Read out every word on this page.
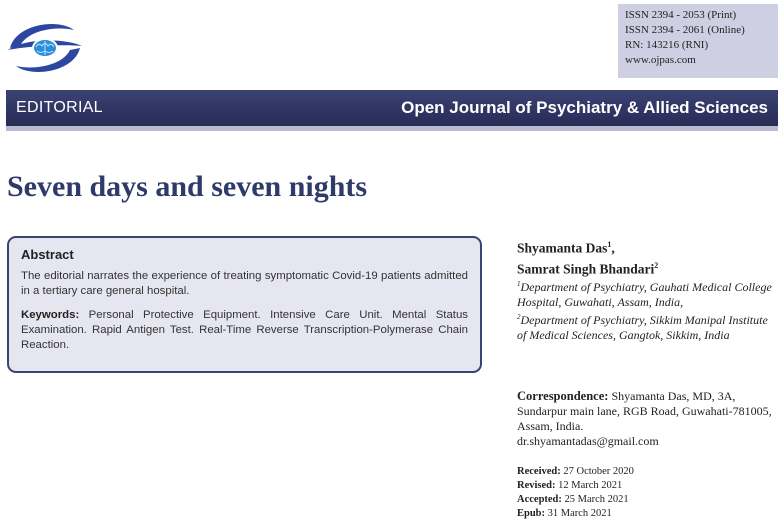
ISSN 2394 - 2053 (Print)
ISSN 2394 - 2061 (Online)
RN: 143216 (RNI)
www.ojpas.com
EDITORIAL	Open Journal of Psychiatry & Allied Sciences
Seven days and seven nights
Abstract

The editorial narrates the experience of treating symptomatic Covid-19 patients admitted in a tertiary care general hospital.

Keywords: Personal Protective Equipment. Intensive Care Unit. Mental Status Examination. Rapid Antigen Test. Real-Time Reverse Transcription-Polymerase Chain Reaction.

Shyamanta Das$^1$,
Samrat Singh Bhandari$^2$
$^1$Department of Psychiatry, Gauhati Medical College Hospital, Guwahati, Assam, India,
$^2$Department of Psychiatry, Sikkim Manipal Institute of Medical Sciences, Gangtok, Sikkim, India
Correspondence: Shyamanta Das, MD, 3A, Sundarpur main lane, RGB Road, Guwahati-781005, Assam, India.
dr.shyamantadas@gmail.com
Received: 27 October 2020
Revised: 12 March 2021
Accepted: 25 March 2021
Epub: 31 March 2021
